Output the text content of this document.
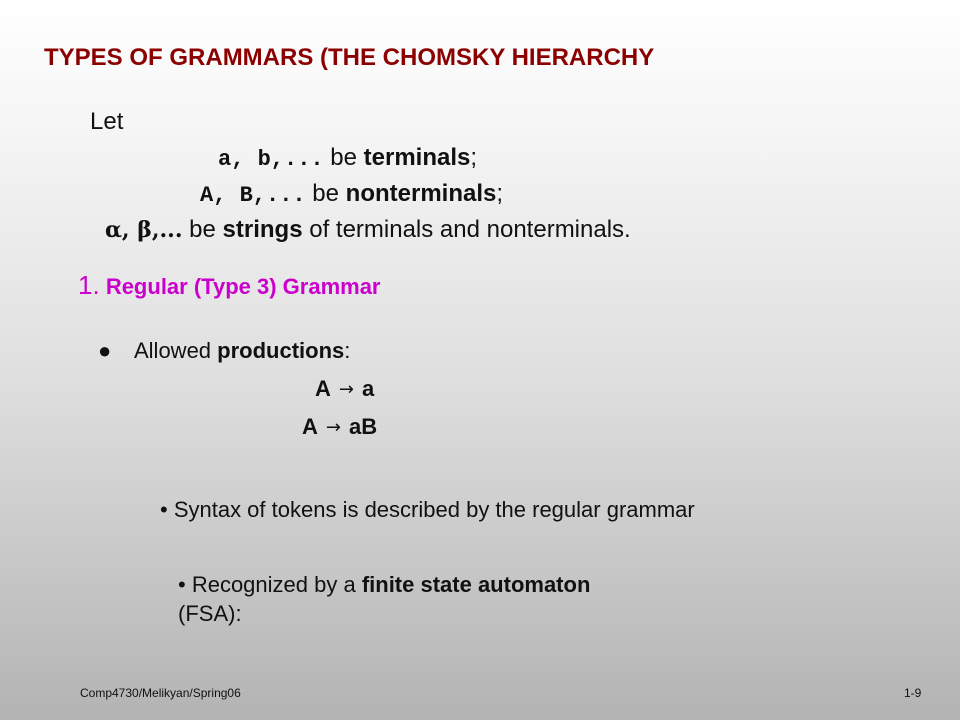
TYPES OF GRAMMARS (THE CHOMSKY HIERARCHY
Let
a, b,... be terminals;
A, B,... be nonterminals;
α, β,... be strings of terminals and nonterminals.
1. Regular (Type 3) Grammar
● Allowed productions:
A → a
A → aB
• Syntax of tokens is described by the regular grammar
• Recognized by a finite state automaton
(FSA):
Comp4730/Melikyan/Spring06	1-9
